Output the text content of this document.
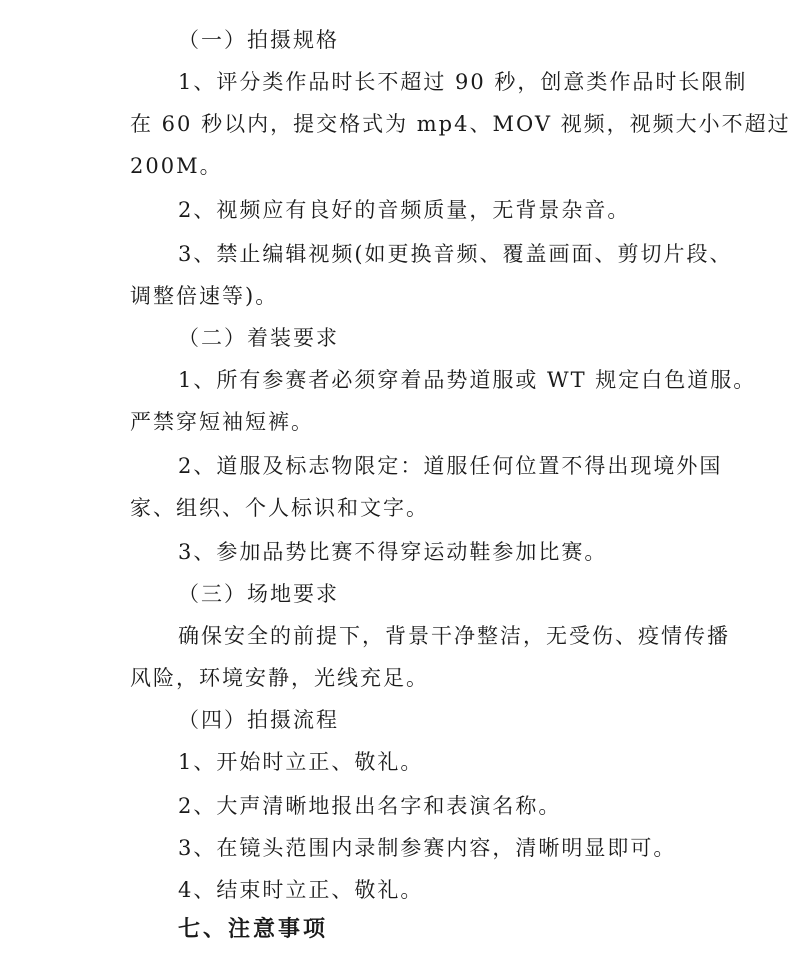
（一）拍摄规格
1、评分类作品时长不超过 90 秒，创意类作品时长限制
在 60 秒以内，提交格式为 mp4、MOV 视频，视频大小不超过
200M。
2、视频应有良好的音频质量，无背景杂音。
3、禁止编辑视频(如更换音频、覆盖画面、剪切片段、
调整倍速等)。
（二）着装要求
1、所有参赛者必须穿着品势道服或 WT 规定白色道服。
严禁穿短袖短裤。
2、道服及标志物限定：道服任何位置不得出现境外国
家、组织、个人标识和文字。
3、参加品势比赛不得穿运动鞋参加比赛。
（三）场地要求
确保安全的前提下，背景干净整洁，无受伤、疫情传播
风险，环境安静，光线充足。
（四）拍摄流程
1、开始时立正、敬礼。
2、大声清晰地报出名字和表演名称。
3、在镜头范围内录制参赛内容，清晰明显即可。
4、结束时立正、敬礼。
七、注意事项
